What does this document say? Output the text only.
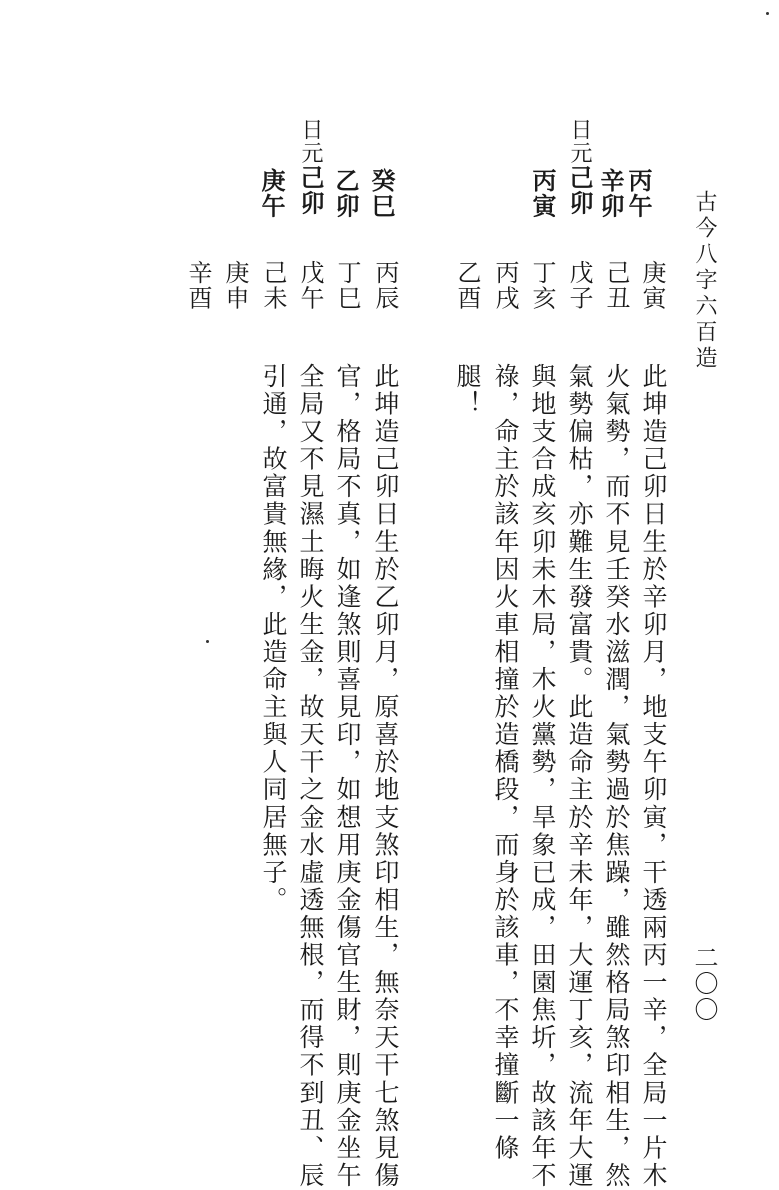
古今八字六百造
二〇〇
丙午
辛卯
日元己卯
丙寅
庚寅
己丑
戊子
丁亥
丙戌
乙酉
此坤造己卯日生於辛卯月，地支午卯寅，干透兩丙一辛，全局一片木
火氣勢，而不見壬癸水滋潤，氣勢過於焦躁，雖然格局煞印相生，然
氣勢偏枯，亦難生發富貴。此造命主於辛未年，大運丁亥，流年大運
與地支合成亥卯未木局，木火黨勢，旱象已成，田園焦圻，故該年不
祿，命主於該年因火車相撞於造橋段，而身於該車，不幸撞斷一條
腿！
癸巳
乙卯
日元己卯
庚午
丙辰
丁巳
戊午
己未
庚申
辛酉
此坤造己卯日生於乙卯月，原喜於地支煞印相生，無奈天干七煞見傷
官，格局不真，如逢煞則喜見印，如想用庚金傷官生財，則庚金坐午
全局又不見濕土晦火生金，故天干之金水虛透無根，而得不到丑、辰
引通，故富貴無緣，此造命主與人同居無子。
